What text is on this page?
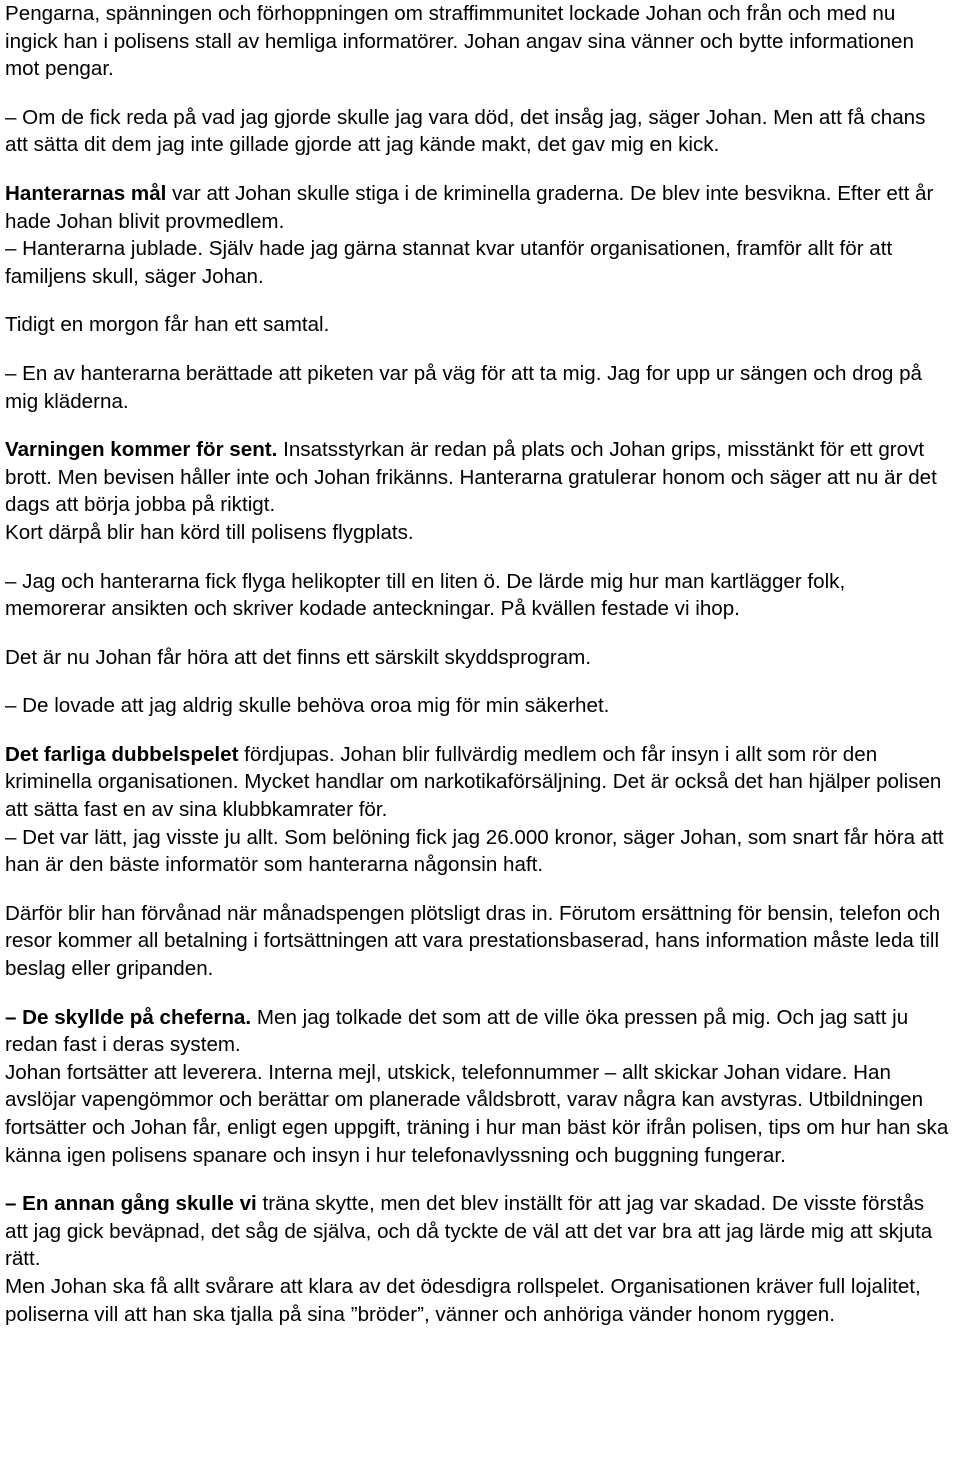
Pengarna, spänningen och förhoppningen om straffimmunitet lockade Johan och från och med nu ingick han i polisens stall av hemliga informatörer. Johan angav sina vänner och bytte informationen mot pengar.

– Om de fick reda på vad jag gjorde skulle jag vara död, det insåg jag, säger Johan. Men att få chans att sätta dit dem jag inte gillade gjorde att jag kände makt, det gav mig en kick.

Hanterarnas mål var att Johan skulle stiga i de kriminella graderna. De blev inte besvikna. Efter ett år hade Johan blivit provmedlem.

– Hanterarna jublade. Själv hade jag gärna stannat kvar utanför organisationen, framför allt för att familjens skull, säger Johan.

Tidigt en morgon får han ett samtal.

– En av hanterarna berättade att piketen var på väg för att ta mig. Jag for upp ur sängen och drog på mig kläderna.

Varningen kommer för sent. Insatsstyrkan är redan på plats och Johan grips, misstänkt för ett grovt brott. Men bevisen håller inte och Johan frikänns. Hanterarna gratulerar honom och säger att nu är det dags att börja jobba på riktigt.

Kort därpå blir han körd till polisens flygplats.

– Jag och hanterarna fick flyga helikopter till en liten ö. De lärde mig hur man kartlägger folk, memorerar ansikten och skriver kodade anteckningar. På kvällen festade vi ihop.

Det är nu Johan får höra att det finns ett särskilt skyddsprogram.

– De lovade att jag aldrig skulle behöva oroa mig för min säkerhet.

Det farliga dubbelspelet fördjupas. Johan blir fullvärdig medlem och får insyn i allt som rör den kriminella organisationen. Mycket handlar om narkotikaförsäljning. Det är också det han hjälper polisen att sätta fast en av sina klubbkamrater för.

– Det var lätt, jag visste ju allt. Som belöning fick jag 26.000 kronor, säger Johan, som snart får höra att han är den bäste informatör som hanterarna någonsin haft.

Därför blir han förvånad när månadspengen plötsligt dras in. Förutom ersättning för bensin, telefon och resor kommer all betalning i fortsättningen att vara prestationsbaserad, hans information måste leda till beslag eller gripanden.

– De skyllde på cheferna. Men jag tolkade det som att de ville öka pressen på mig. Och jag satt ju redan fast i deras system.

Johan fortsätter att leverera. Interna mejl, utskick, telefonnummer – allt skickar Johan vidare. Han avslöjar vapengömmor och berättar om planerade våldsbrott, varav några kan avstyras. Utbildningen fortsätter och Johan får, enligt egen uppgift, träning i hur man bäst kör ifrån polisen, tips om hur han ska känna igen polisens spanare och insyn i hur telefonavlyssning och buggning fungerar.

– En annan gång skulle vi träna skytte, men det blev inställt för att jag var skadad. De visste förstås att jag gick beväpnad, det såg de själva, och då tyckte de väl att det var bra att jag lärde mig att skjuta rätt.

Men Johan ska få allt svårare att klara av det ödesdigra rollspelet. Organisationen kräver full lojalitet, poliserna vill att han ska tjalla på sina ”bröder”, vänner och anhöriga vänder honom ryggen.
